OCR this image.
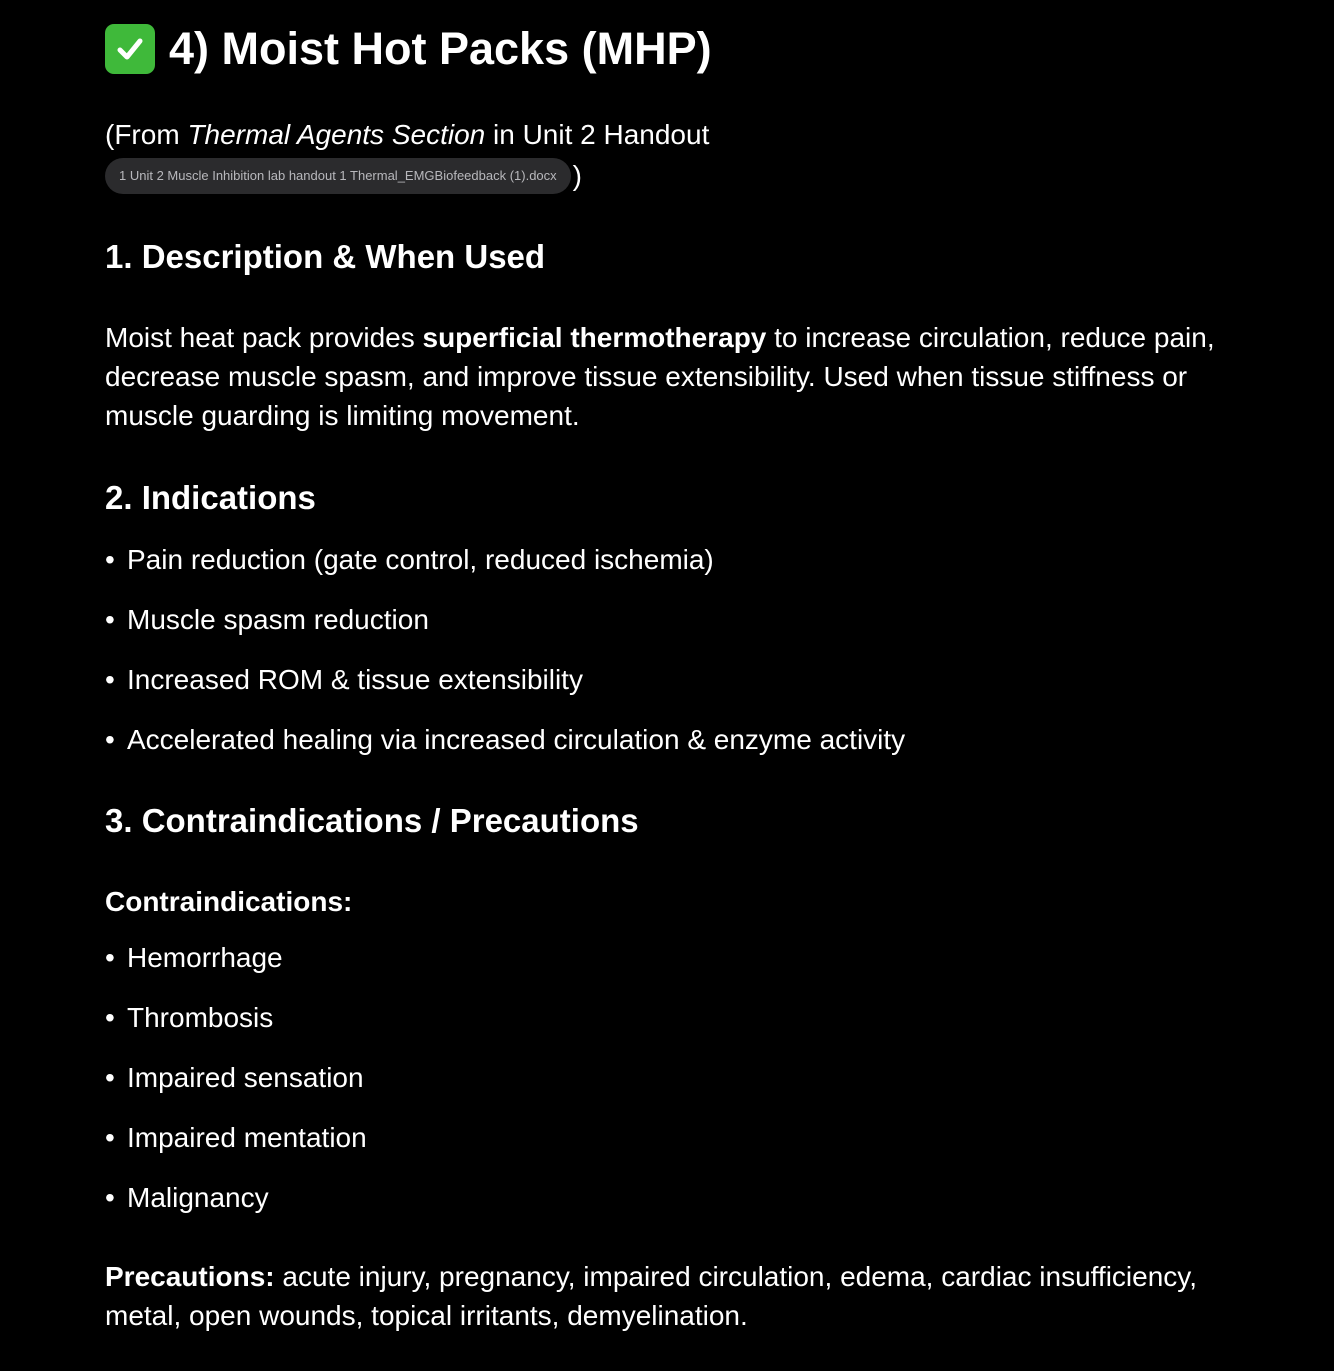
4) Moist Hot Packs (MHP)
(From Thermal Agents Section in Unit 2 Handout
1 Unit 2 Muscle Inhibition lab handout 1 Thermal_EMGBiofeedback (1).docx )
1. Description & When Used

Moist heat pack provides superficial thermotherapy to increase circulation, reduce pain, decrease muscle spasm, and improve tissue extensibility. Used when tissue stiffness or muscle guarding is limiting movement.

2. Indications
• Pain reduction (gate control, reduced ischemia)
• Muscle spasm reduction
• Increased ROM & tissue extensibility
• Accelerated healing via increased circulation & enzyme activity
3. Contraindications / Precautions
Contraindications:
• Hemorrhage
• Thrombosis
• Impaired sensation
• Impaired mentation
• Malignancy

Precautions: acute injury, pregnancy, impaired circulation, edema, cardiac insufficiency, metal, open wounds, topical irritants, demyelination.
